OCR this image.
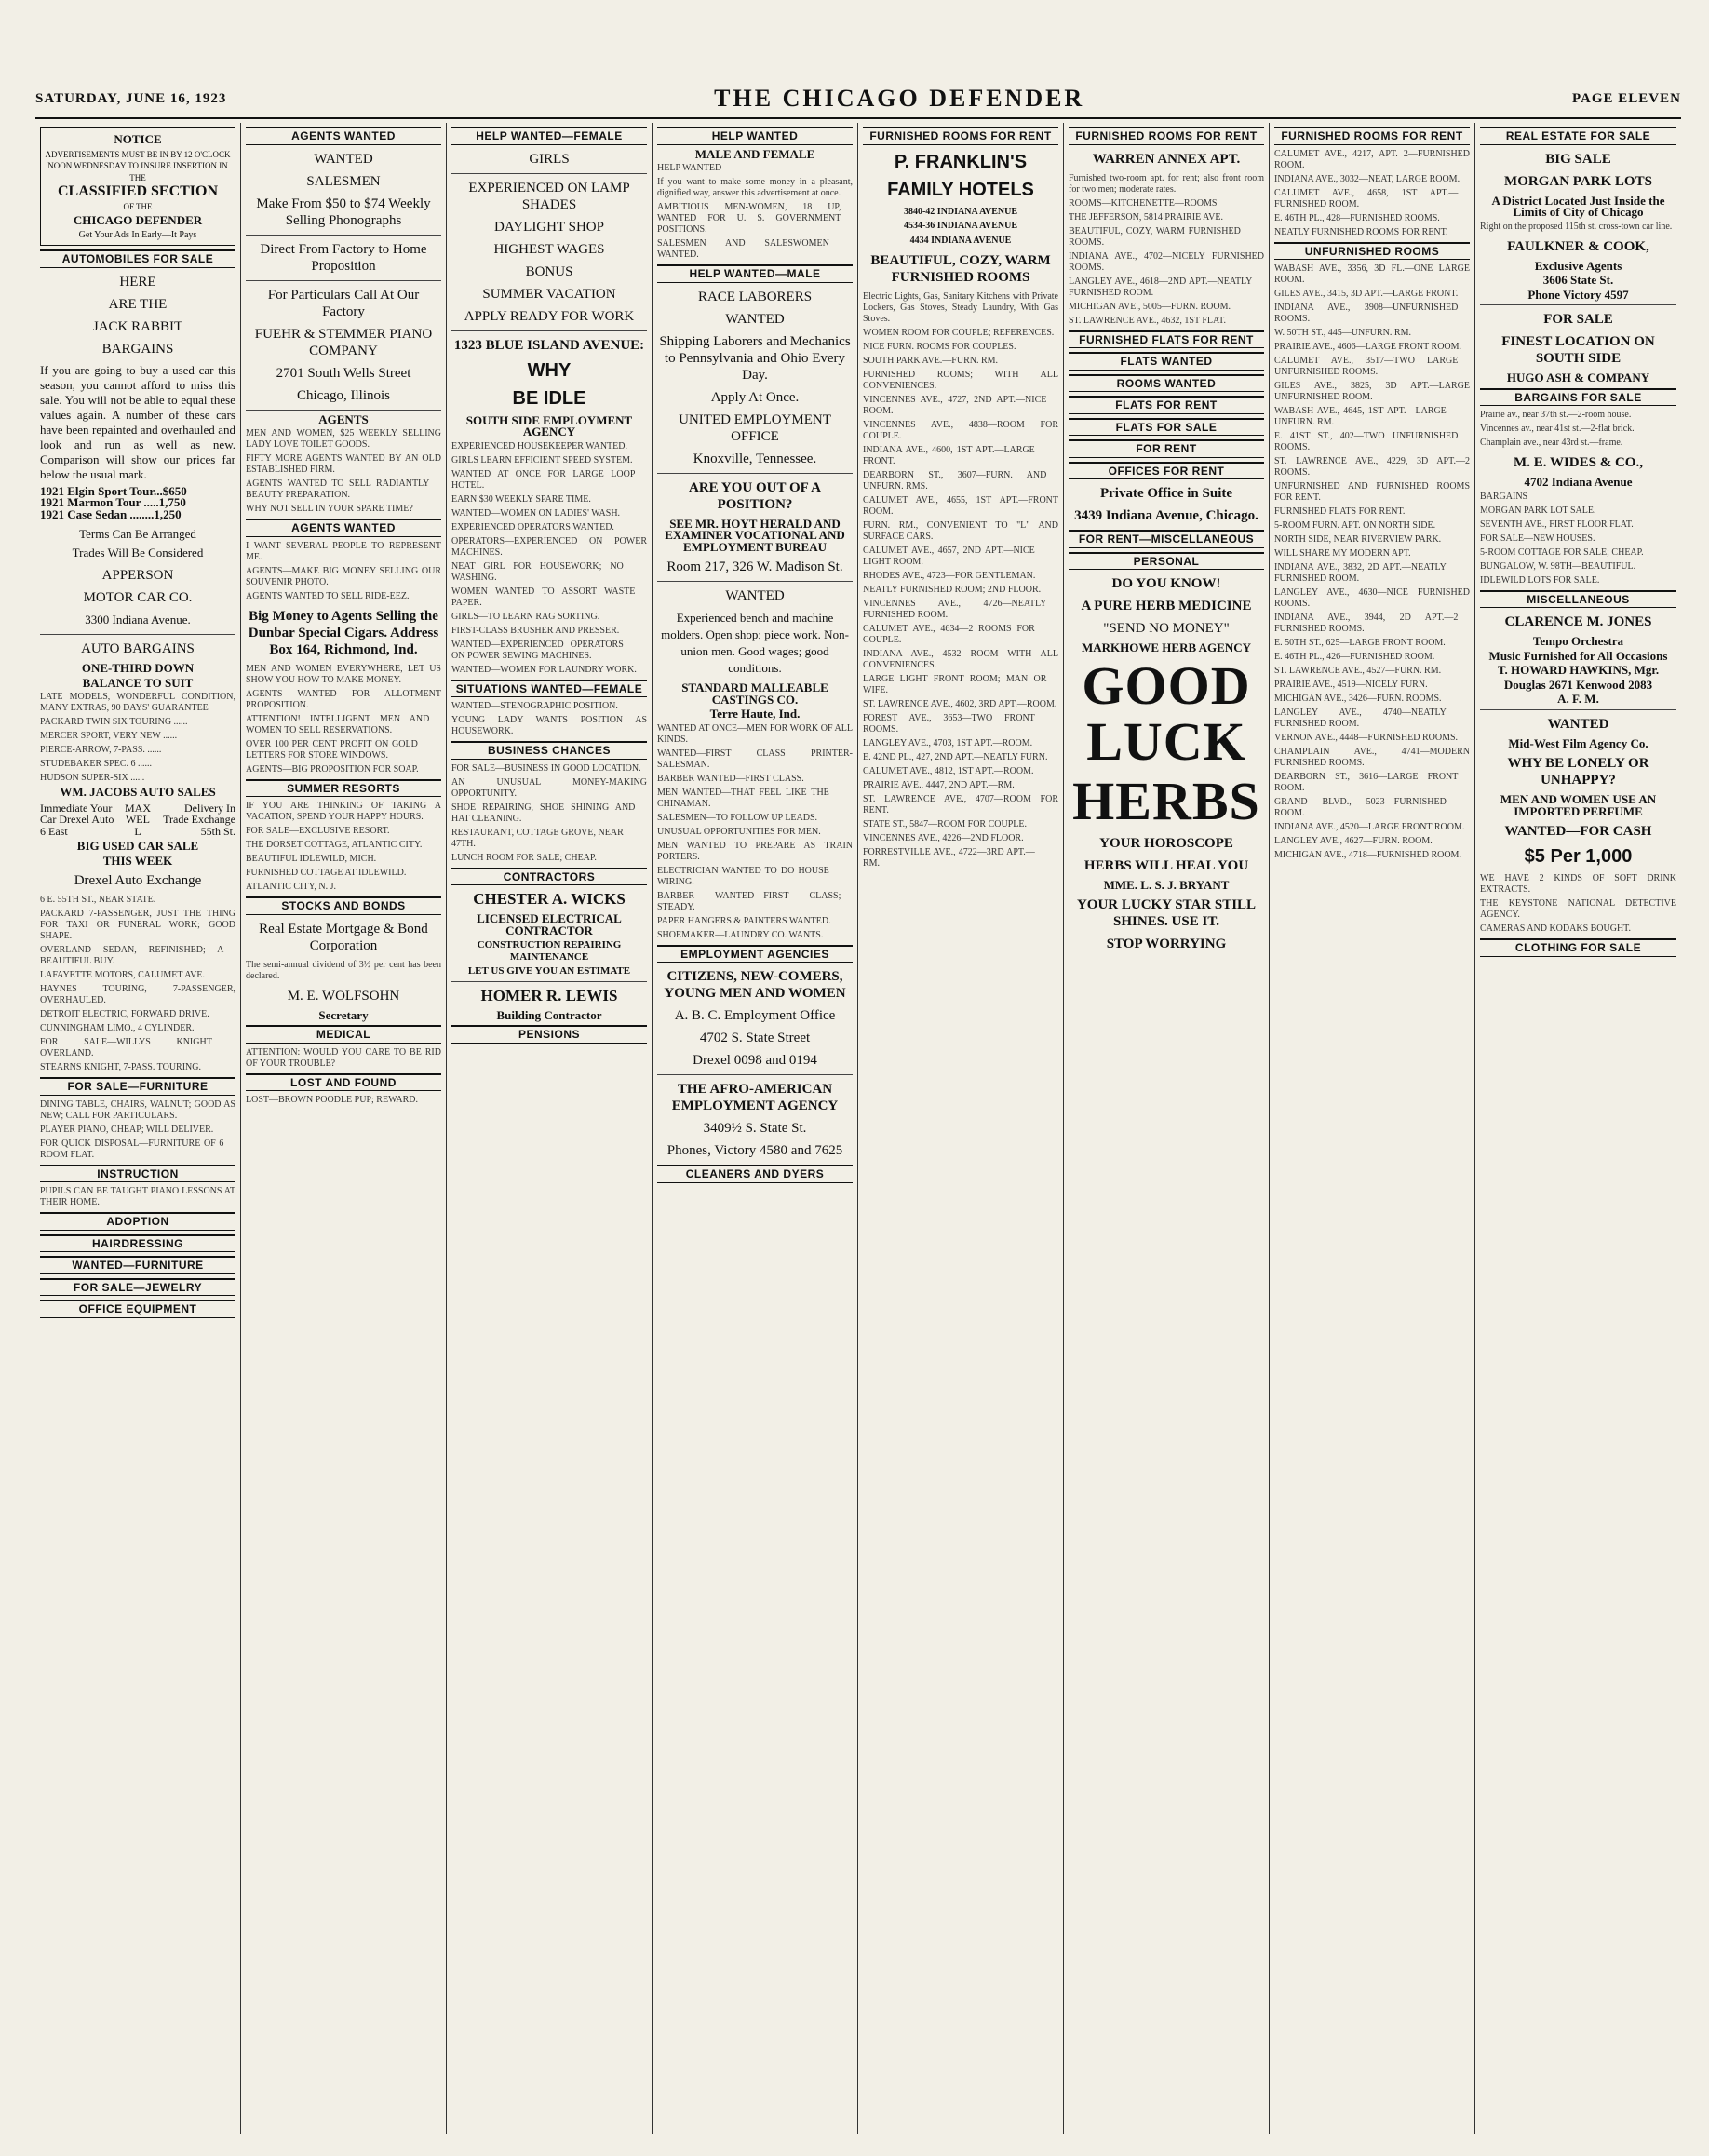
SATURDAY, JUNE 16, 1923	THE CHICAGO DEFENDER	PAGE ELEVEN
NOTICE
ADVERTISEMENTS MUST BE IN BY 12 O'CLOCK NOON WEDNESDAY TO INSURE INSERTION IN THE
CLASSIFIED SECTION
OF THE
CHICAGO DEFENDER
Get Your Ads In Early—It Pays
AUTOMOBILES FOR SALE
HERE
ARE THE
JACK RABBIT
BARGAINS
If you are going to buy a used car this season, you cannot afford to miss this sale. You will not be able to equal these values again. A number of these cars have been repainted and overhauled and look and run as well as new. Comparison will show our prices far below the usual mark.
1921 Elgin Sport Tour...$650
1921 Marmon Tour .....1,750
1921 Case Sedan ........1,250
Terms Can Be Arranged
Trades Will Be Considered
APPERSON
MOTOR CAR CO.
3300 Indiana Avenue.
AUTO BARGAINS
ONE-THIRD DOWN
BALANCE TO SUIT
LATE MODELS, WONDERFUL CONDITION, MANY EXTRAS, 90 DAYS' GUARANTEE
PACKARD TWIN SIX TOURING ......
MERCER SPORT, VERY NEW ......
PIERCE-ARROW, 7-PASS. ......
STUDEBAKER SPEC. 6 ......
HUDSON SUPER-SIX ......
WM. JACOBS AUTO SALES
Immediate Your Car Drexel Auto 6 East
MAXWELL
Delivery In Trade Exchange 55th St.
BIG USED CAR SALE
THIS WEEK
Drexel Auto Exchange
6 E. 55TH ST., NEAR STATE.
PACKARD 7-PASSENGER, JUST THE THING FOR TAXI OR FUNERAL WORK; GOOD SHAPE.
OVERLAND SEDAN, REFINISHED; A BEAUTIFUL BUY.
LAFAYETTE MOTORS, CALUMET AVE.
HAYNES TOURING, 7-PASSENGER, OVERHAULED.
DETROIT ELECTRIC, FORWARD DRIVE.
CUNNINGHAM LIMO., 4 CYLINDER.
FOR SALE—WILLYS KNIGHT OVERLAND.
STEARNS KNIGHT, 7-PASS. TOURING.
FOR SALE—FURNITURE
DINING TABLE, CHAIRS, WALNUT; GOOD AS NEW; CALL FOR PARTICULARS.
PLAYER PIANO, CHEAP; WILL DELIVER.
FOR QUICK DISPOSAL—FURNITURE OF 6 ROOM FLAT.
INSTRUCTION
PUPILS CAN BE TAUGHT PIANO LESSONS AT THEIR HOME.
ADOPTION
HAIRDRESSING
WANTED—FURNITURE
FOR SALE—JEWELRY
OFFICE EQUIPMENT
AGENTS WANTED
WANTED
SALESMEN
Make From $50 to $74 Weekly Selling Phonographs
Direct From Factory to Home Proposition
For Particulars Call At Our Factory
FUEHR & STEMMER PIANO COMPANY
2701 South Wells Street
Chicago, Illinois
AGENTS
MEN AND WOMEN, $25 WEEKLY SELLING LADY LOVE TOILET GOODS.
FIFTY MORE AGENTS WANTED BY AN OLD ESTABLISHED FIRM.
AGENTS WANTED TO SELL RADIANTLY BEAUTY PREPARATION.
WHY NOT SELL IN YOUR SPARE TIME?
AGENTS WANTED
I WANT SEVERAL PEOPLE TO REPRESENT ME.
AGENTS—MAKE BIG MONEY SELLING OUR SOUVENIR PHOTO.
AGENTS WANTED TO SELL RIDE-EEZ.
Big Money to Agents Selling the Dunbar Special Cigars. Address Box 164, Richmond, Ind.
MEN AND WOMEN EVERYWHERE, LET US SHOW YOU HOW TO MAKE MONEY.
AGENTS WANTED FOR ALLOTMENT PROPOSITION.
ATTENTION! INTELLIGENT MEN AND WOMEN TO SELL RESERVATIONS.
OVER 100 PER CENT PROFIT ON GOLD LETTERS FOR STORE WINDOWS.
AGENTS—BIG PROPOSITION FOR SOAP.
SUMMER RESORTS
IF YOU ARE THINKING OF TAKING A VACATION, SPEND YOUR HAPPY HOURS.
FOR SALE—EXCLUSIVE RESORT.
THE DORSET COTTAGE, ATLANTIC CITY.
BEAUTIFUL IDLEWILD, MICH.
FURNISHED COTTAGE AT IDLEWILD.
ATLANTIC CITY, N. J.
STOCKS AND BONDS
Real Estate Mortgage & Bond Corporation
The semi-annual dividend of 3½ per cent has been declared.
M. E. WOLFSOHN
Secretary
MEDICAL
ATTENTION: WOULD YOU CARE TO BE RID OF YOUR TROUBLE?
LOST AND FOUND
LOST—BROWN POODLE PUP; REWARD.
HELP WANTED—FEMALE
GIRLS
EXPERIENCED ON LAMP SHADES
DAYLIGHT SHOP
HIGHEST WAGES
BONUS
SUMMER VACATION
APPLY READY FOR WORK
1323 BLUE ISLAND AVENUE:
WHY
BE IDLE
SOUTH SIDE EMPLOYMENT AGENCY
EXPERIENCED HOUSEKEEPER WANTED.
GIRLS LEARN EFFICIENT SPEED SYSTEM.
WANTED AT ONCE FOR LARGE LOOP HOTEL.
EARN $30 WEEKLY SPARE TIME.
WANTED—WOMEN ON LADIES' WASH.
EXPERIENCED OPERATORS WANTED.
OPERATORS—EXPERIENCED ON POWER MACHINES.
NEAT GIRL FOR HOUSEWORK; NO WASHING.
WOMEN WANTED TO ASSORT WASTE PAPER.
GIRLS—TO LEARN RAG SORTING.
FIRST-CLASS BRUSHER AND PRESSER.
WANTED—EXPERIENCED OPERATORS ON POWER SEWING MACHINES.
WANTED—WOMEN FOR LAUNDRY WORK.
SITUATIONS WANTED—FEMALE
WANTED—STENOGRAPHIC POSITION.
YOUNG LADY WANTS POSITION AS HOUSEWORK.
BUSINESS CHANCES
FOR SALE—BUSINESS IN GOOD LOCATION.
AN UNUSUAL MONEY-MAKING OPPORTUNITY.
SHOE REPAIRING, SHOE SHINING AND HAT CLEANING.
RESTAURANT, COTTAGE GROVE, NEAR 47TH.
LUNCH ROOM FOR SALE; CHEAP.
CONTRACTORS
CHESTER A. WICKS
LICENSED ELECTRICAL CONTRACTOR
CONSTRUCTION REPAIRING MAINTENANCE
LET US GIVE YOU AN ESTIMATE
HOMER R. LEWIS
Building Contractor
PENSIONS
HELP WANTED
MALE AND FEMALE
HELP WANTED
If you want to make some money in a pleasant, dignified way, answer this advertisement at once.
AMBITIOUS MEN-WOMEN, 18 UP, WANTED FOR U. S. GOVERNMENT POSITIONS.
SALESMEN AND SALESWOMEN WANTED.
HELP WANTED—MALE
RACE LABORERS
WANTED
Shipping Laborers and Mechanics to Pennsylvania and Ohio Every Day.
Apply At Once.
UNITED EMPLOYMENT OFFICE
Knoxville, Tennessee.
ARE YOU OUT OF A POSITION?
SEE MR. HOYT HERALD AND EXAMINER VOCATIONAL AND EMPLOYMENT BUREAU
Room 217, 326 W. Madison St.
WANTED
Experienced bench and machine molders. Open shop; piece work. Non-union men. Good wages; good conditions.
STANDARD MALLEABLE CASTINGS CO.
Terre Haute, Ind.
WANTED AT ONCE—MEN FOR WORK OF ALL KINDS.
WANTED—FIRST CLASS PRINTER-SALESMAN.
BARBER WANTED—FIRST CLASS.
MEN WANTED—THAT FEEL LIKE THE CHINAMAN.
SALESMEN—TO FOLLOW UP LEADS.
UNUSUAL OPPORTUNITIES FOR MEN.
MEN WANTED TO PREPARE AS TRAIN PORTERS.
ELECTRICIAN WANTED TO DO HOUSE WIRING.
BARBER WANTED—FIRST CLASS; STEADY.
PAPER HANGERS & PAINTERS WANTED.
SHOEMAKER—LAUNDRY CO. WANTS.
EMPLOYMENT AGENCIES
CITIZENS, NEW-COMERS, YOUNG MEN AND WOMEN
A. B. C. Employment Office
4702 S. State Street
Drexel 0098 and 0194
THE AFRO-AMERICAN EMPLOYMENT AGENCY
3409½ S. State St.
Phones, Victory 4580 and 7625
CLEANERS AND DYERS
FURNISHED ROOMS FOR RENT
P. FRANKLIN'S
FAMILY HOTELS
3840-42 INDIANA AVENUE
4534-36 INDIANA AVENUE
4434 INDIANA AVENUE
BEAUTIFUL, COZY, WARM FURNISHED ROOMS
Electric Lights, Gas, Sanitary Kitchens with Private Lockers, Gas Stoves, Steady Laundry, With Gas Stoves.
WOMEN ROOM FOR COUPLE; REFERENCES.
NICE FURN. ROOMS FOR COUPLES.
SOUTH PARK AVE.—FURN. RM.
FURNISHED ROOMS; WITH ALL CONVENIENCES.
VINCENNES AVE., 4727, 2ND APT.—NICE ROOM.
VINCENNES AVE., 4838—ROOM FOR COUPLE.
INDIANA AVE., 4600, 1ST APT.—LARGE FRONT.
DEARBORN ST., 3607—FURN. AND UNFURN. RMS.
CALUMET AVE., 4655, 1ST APT.—FRONT ROOM.
FURN. RM., CONVENIENT TO "L" AND SURFACE CARS.
CALUMET AVE., 4657, 2ND APT.—NICE LIGHT ROOM.
RHODES AVE., 4723—FOR GENTLEMAN.
NEATLY FURNISHED ROOM; 2ND FLOOR.
VINCENNES AVE., 4726—NEATLY FURNISHED ROOM.
CALUMET AVE., 4634—2 ROOMS FOR COUPLE.
INDIANA AVE., 4532—ROOM WITH ALL CONVENIENCES.
LARGE LIGHT FRONT ROOM; MAN OR WIFE.
ST. LAWRENCE AVE., 4602, 3RD APT.—ROOM.
FOREST AVE., 3653—TWO FRONT ROOMS.
LANGLEY AVE., 4703, 1ST APT.—ROOM.
E. 42ND PL., 427, 2ND APT.—NEATLY FURN.
CALUMET AVE., 4812, 1ST APT.—ROOM.
PRAIRIE AVE., 4447, 2ND APT.—RM.
ST. LAWRENCE AVE., 4707—ROOM FOR RENT.
STATE ST., 5847—ROOM FOR COUPLE.
VINCENNES AVE., 4226—2ND FLOOR.
FORRESTVILLE AVE., 4722—3RD APT.—RM.
FURNISHED ROOMS FOR RENT
WARREN ANNEX APT.
Furnished two-room apt. for rent; also front room for two men; moderate rates.
ROOMS—KITCHENETTE—ROOMS
THE JEFFERSON, 5814 PRAIRIE AVE.
BEAUTIFUL, COZY, WARM FURNISHED ROOMS.
INDIANA AVE., 4702—NICELY FURNISHED ROOMS.
LANGLEY AVE., 4618—2ND APT.—NEATLY FURNISHED ROOM.
MICHIGAN AVE., 5005—FURN. ROOM.
ST. LAWRENCE AVE., 4632, 1ST FLAT.
FURNISHED FLATS FOR RENT
FLATS WANTED
ROOMS WANTED
FLATS FOR RENT
FLATS FOR SALE
FOR RENT
OFFICES FOR RENT
Private Office in Suite
3439 Indiana Avenue, Chicago.
FOR RENT—MISCELLANEOUS
PERSONAL
DO YOU KNOW!
A PURE HERB MEDICINE
"SEND NO MONEY"
MARKHOWE HERB AGENCY
GOOD LUCK
HERBS
YOUR HOROSCOPE
HERBS WILL HEAL YOU
MME. L. S. J. BRYANT
YOUR LUCKY STAR STILL SHINES. USE IT.
STOP WORRYING
FURNISHED ROOMS FOR RENT
CALUMET AVE., 4217, APT. 2—FURNISHED ROOM.
INDIANA AVE., 3032—NEAT, LARGE ROOM.
CALUMET AVE., 4658, 1ST APT.—FURNISHED ROOM.
E. 46TH PL., 428—FURNISHED ROOMS.
NEATLY FURNISHED ROOMS FOR RENT.
UNFURNISHED ROOMS
WABASH AVE., 3356, 3D FL.—ONE LARGE ROOM.
GILES AVE., 3415, 3D APT.—LARGE FRONT.
INDIANA AVE., 3908—UNFURNISHED ROOMS.
W. 50TH ST., 445—UNFURN. RM.
PRAIRIE AVE., 4606—LARGE FRONT ROOM.
CALUMET AVE., 3517—TWO LARGE UNFURNISHED ROOMS.
GILES AVE., 3825, 3D APT.—LARGE UNFURNISHED ROOM.
WABASH AVE., 4645, 1ST APT.—LARGE UNFURN. RM.
E. 41ST ST., 402—TWO UNFURNISHED ROOMS.
ST. LAWRENCE AVE., 4229, 3D APT.—2 ROOMS.
UNFURNISHED AND FURNISHED ROOMS FOR RENT.
FURNISHED FLATS FOR RENT.
5-ROOM FURN. APT. ON NORTH SIDE.
NORTH SIDE, NEAR RIVERVIEW PARK.
WILL SHARE MY MODERN APT.
INDIANA AVE., 3832, 2D APT.—NEATLY FURNISHED ROOM.
LANGLEY AVE., 4630—NICE FURNISHED ROOMS.
INDIANA AVE., 3944, 2D APT.—2 FURNISHED ROOMS.
E. 50TH ST., 625—LARGE FRONT ROOM.
E. 46TH PL., 426—FURNISHED ROOM.
ST. LAWRENCE AVE., 4527—FURN. RM.
PRAIRIE AVE., 4519—NICELY FURN.
MICHIGAN AVE., 3426—FURN. ROOMS.
LANGLEY AVE., 4740—NEATLY FURNISHED ROOM.
VERNON AVE., 4448—FURNISHED ROOMS.
CHAMPLAIN AVE., 4741—MODERN FURNISHED ROOMS.
DEARBORN ST., 3616—LARGE FRONT ROOM.
GRAND BLVD., 5023—FURNISHED ROOM.
INDIANA AVE., 4520—LARGE FRONT ROOM.
LANGLEY AVE., 4627—FURN. ROOM.
MICHIGAN AVE., 4718—FURNISHED ROOM.
REAL ESTATE FOR SALE
BIG SALE
MORGAN PARK LOTS
A District Located Just Inside the Limits of City of Chicago
Right on the proposed 115th st. cross-town car line.
FAULKNER & COOK,
Exclusive Agents
3606 State St.
Phone Victory 4597
FOR SALE
FINEST LOCATION ON SOUTH SIDE
HUGO ASH & COMPANY
BARGAINS FOR SALE
Prairie av., near 37th st.—2-room house.
Vincennes av., near 41st st.—2-flat brick.
Champlain ave., near 43rd st.—frame.
M. E. WIDES & CO.,
4702 Indiana Avenue
BARGAINS
MORGAN PARK LOT SALE.
SEVENTH AVE., FIRST FLOOR FLAT.
FOR SALE—NEW HOUSES.
5-ROOM COTTAGE FOR SALE; CHEAP.
BUNGALOW, W. 98TH—BEAUTIFUL.
IDLEWILD LOTS FOR SALE.
MISCELLANEOUS
CLARENCE M. JONES
Tempo Orchestra
Music Furnished for All Occasions
T. HOWARD HAWKINS, Mgr.
Douglas 2671 Kenwood 2083
A. F. M.
WANTED
Mid-West Film Agency Co.
WHY BE LONELY OR UNHAPPY?
MEN AND WOMEN USE AN IMPORTED PERFUME
WANTED—FOR CASH
$5 Per 1,000
WE HAVE 2 KINDS OF SOFT DRINK EXTRACTS.
THE KEYSTONE NATIONAL DETECTIVE AGENCY.
CAMERAS AND KODAKS BOUGHT.
CLOTHING FOR SALE
